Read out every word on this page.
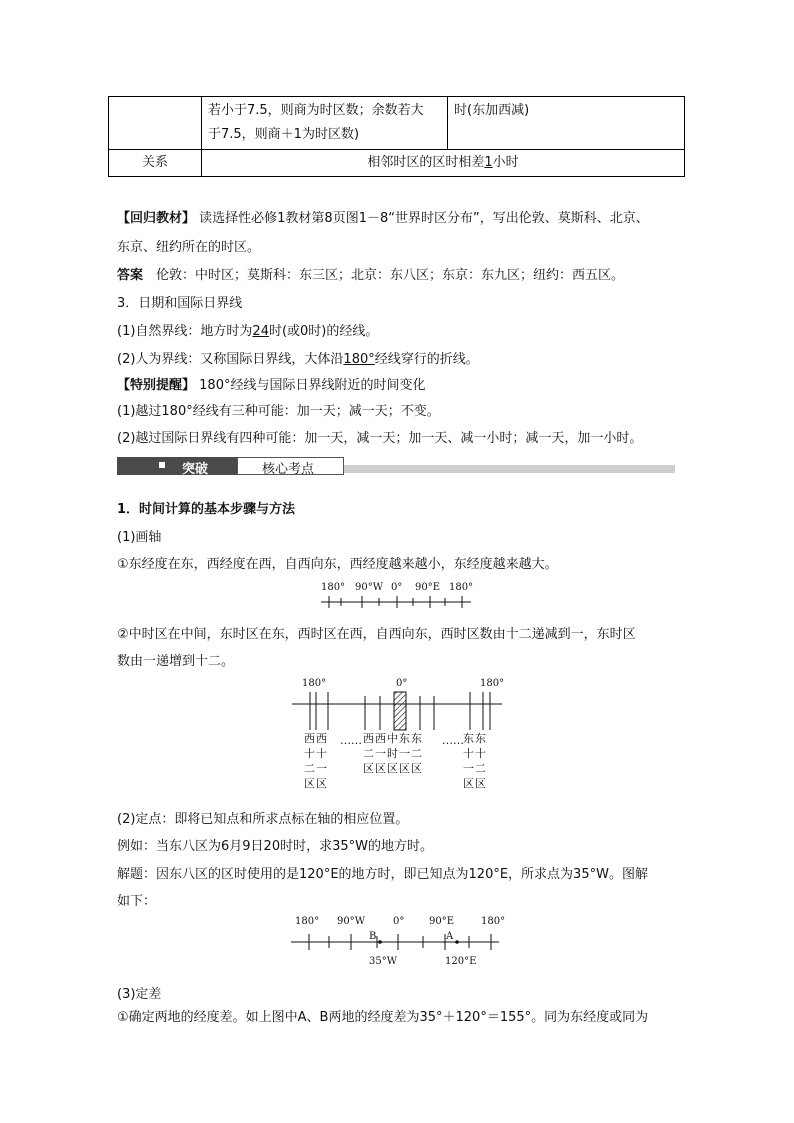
	若小于7.5，则商为时区数；余数若大
于7.5，则商＋1为时区数)	时(东加西减)
关系	相邻时区的区时相差1小时	
【回归教材】 读选择性必修1教材第8页图1－8“世界时区分布”，写出伦敦、莫斯科、北京、
东京、纽约所在的时区。
答案　 伦敦：中时区；莫斯科：东三区；北京：东八区；东京：东九区；纽约：西五区。
3．日期和国际日界线
(1)自然界线：地方时为24时(或0时)的经线。
(2)人为界线：又称国际日界线，大体沿180°经线穿行的折线。
【特别提醒】 180°经线与国际日界线附近的时间变化
(1)越过180°经线有三种可能：加一天；减一天；不变。
(2)越过国际日界线有四种可能：加一天，减一天；加一天、减一小时；减一天，加一小时。
突破	核心考点
1．时间计算的基本步骤与方法
(1)画轴
①东经度在东，西经度在西，自西向东，西经度越来越小，东经度越来越大。
180° 90°W 0° 90°E 180°
②中时区在中间，东时区在东，西时区在西，自西向东，西时区数由十二递减到一，东时区
数由一递增到十二。
180°	0°	180°
……	……
西
十
二
区
西
十
一
区
西
二
区
西
一
区
中
时
区
东
一
区
东
二
区
东
十
一
区
东
十
二
区
(2)定点：即将已知点和所求点标在轴的相应位置。
例如：当东八区为6月9日20时时，求35°W的地方时。
解题：因东八区的区时使用的是120°E的地方时，即已知点为120°E，所求点为35°W。图解
如下：
180° 90°W	0° 90°E	180°
B	A
35°W	120°E
(3)定差
①确定两地的经度差。如上图中A、B两地的经度差为35°＋120°＝155°。同为东经度或同为
